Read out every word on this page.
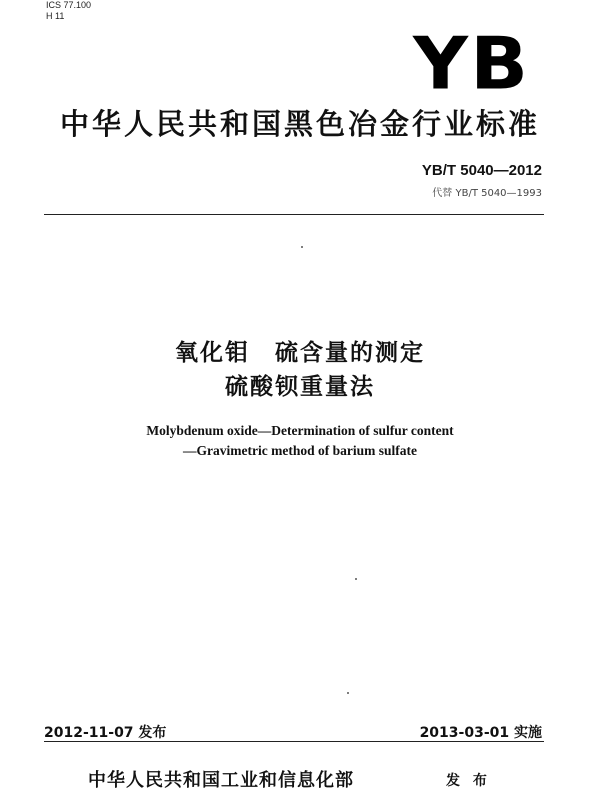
ICS 77.100
H 11
YB
中华人民共和国黑色冶金行业标准
YB/T 5040—2012
代替 YB/T 5040—1993
氧化钼　硫含量的测定
硫酸钡重量法
Molybdenum oxide—Determination of sulfur content
—Gravimetric method of barium sulfate
2012-11-07 发布	2013-03-01 实施
中华人民共和国工业和信息化部	发 布
